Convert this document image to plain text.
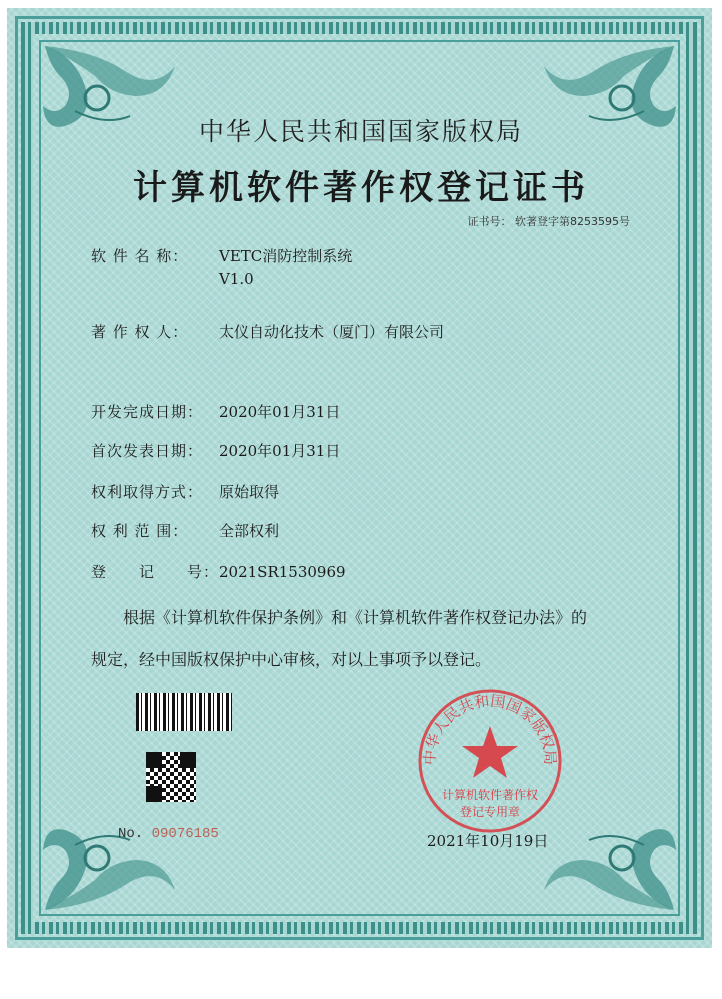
中华人民共和国国家版权局
计算机软件著作权登记证书
证书号： 软著登字第8253595号
软 件 名 称： VETC消防控制系统
V1.0
著 作 权 人： 太仪自动化技术（厦门）有限公司
开发完成日期： 2020年01月31日
首次发表日期： 2020年01月31日
权利取得方式： 原始取得
权 利 范 围： 全部权利
登　　记　　号：2021SR1530969
根据《计算机软件保护条例》和《计算机软件著作权登记办法》的
规定，经中国版权保护中心审核，对以上事项予以登记。
No. 09076185
中华人民共和国国家版权局
计算机软件著作权
登记专用章
2021年10月19日
